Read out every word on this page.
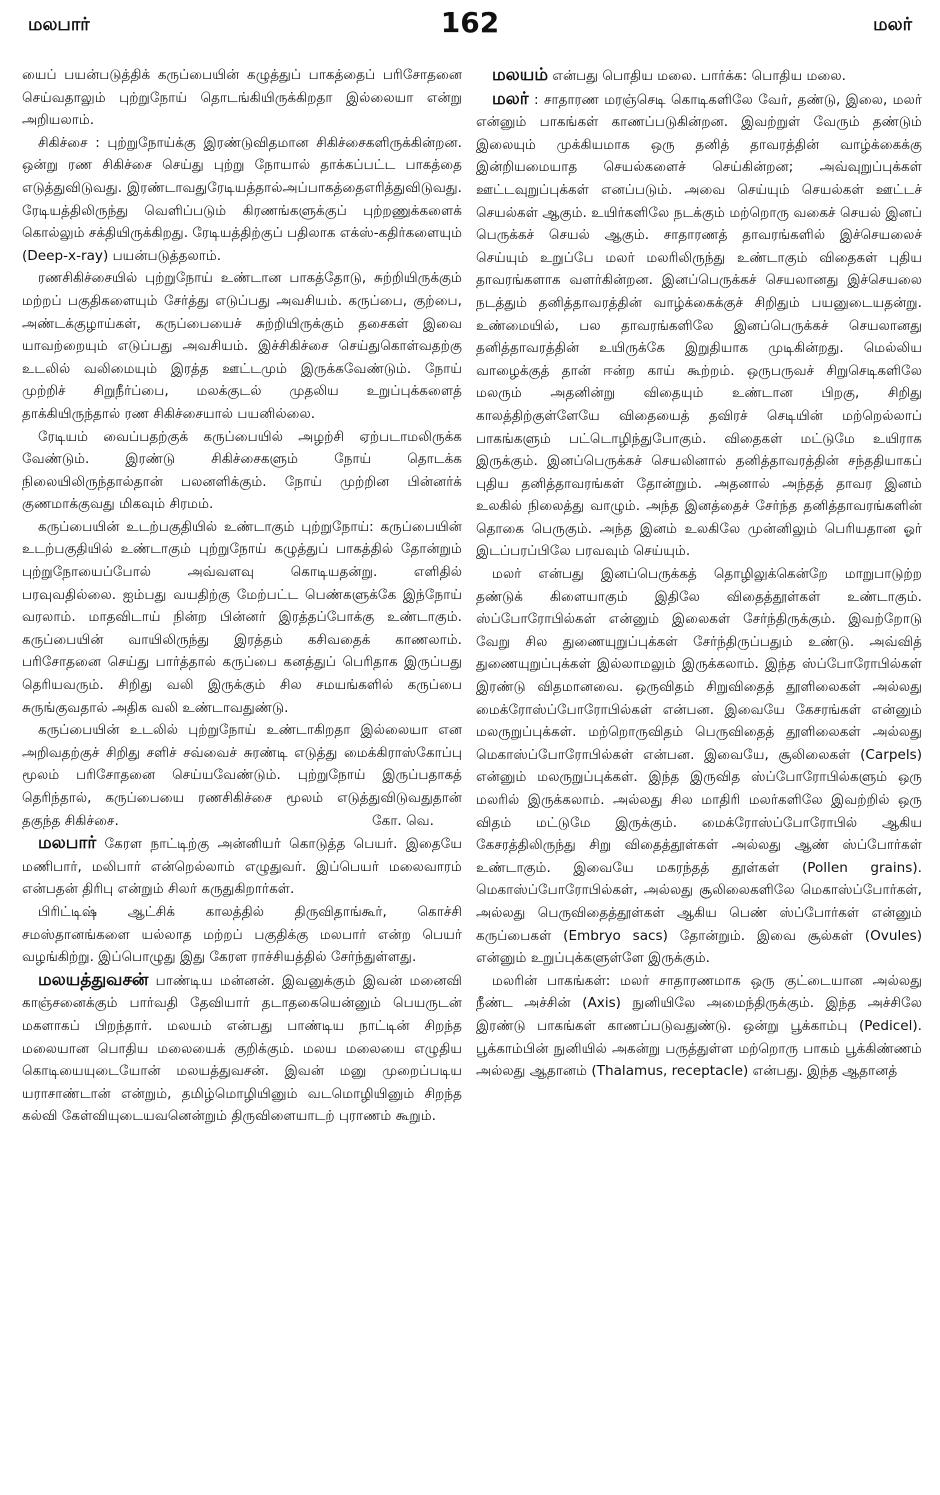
மலபார்	162	மலர்

யைப் பயன்படுத்திக் கருப்பையின் கழுத்துப் பாகத்தைப் பரிசோதனை செய்வதாலும் புற்றுநோய் தொடங்கியிருக்கிறதா இல்லையா என்று அறியலாம்.

சிகிச்சை : புற்றுநோய்க்கு இரண்டுவிதமான சிகிச்சைகளிருக்கின்றன. ஒன்று ரண சிகிச்சை செய்து புற்று நோயால் தாக்கப்பட்ட பாகத்தை எடுத்துவிடுவது. இரண்டாவதுரேடியத்தால்அப்பாகத்தைஎரித்துவிடுவது. ரேடியத்திலிருந்து வெளிப்படும் கிரணங்களுக்குப் புற்றணுக்களைக் கொல்லும் சக்தியிருக்கிறது. ரேடியத்திற்குப் பதிலாக எக்ஸ்-கதிர்களையும் (Deep-x-ray) பயன்படுத்தலாம்.

ரணசிகிச்சையில் புற்றுநோய் உண்டான பாகத்தோடு, சுற்றியிருக்கும் மற்றப் பகுதிகளையும் சேர்த்து எடுப்பது அவசியம். கருப்பை, குற்பை, அண்டக்குழாய்கள், கருப்பையைச் சுற்றியிருக்கும் தசைகள் இவை யாவற்றையும் எடுப்பது அவசியம். இச்சிகிச்சை செய்துகொள்வதற்கு உடலில் வலிமையும் இரத்த ஊட்டமும் இருக்கவேண்டும். நோய் முற்றிச் சிறுநீர்ப்பை, மலக்குடல் முதலிய உறுப்புக்களைத் தாக்கியிருந்தால் ரண சிகிச்சையால் பயனில்லை.

ரேடியம் வைப்பதற்குக் கருப்பையில் அழற்சி ஏற்படாமலிருக்க வேண்டும். இரண்டு சிகிச்சைகளும் நோய் தொடக்க நிலையிலிருந்தால்தான் பலனளிக்கும். நோய் முற்றின பின்னர்க் குணமாக்குவது மிகவும் சிரமம்.

கருப்பையின் உடற்பகுதியில் உண்டாகும் புற்றுநோய்: கருப்பையின் உடற்பகுதியில் உண்டாகும் புற்றுநோய் கழுத்துப் பாகத்தில் தோன்றும் புற்றுநோயைப்போல் அவ்வளவு கொடியதன்று. எளிதில் பரவுவதில்லை. ஐம்பது வயதிற்கு மேற்பட்ட பெண்களுக்கே இந்நோய் வரலாம். மாதவிடாய் நின்ற பின்னர் இரத்தப்போக்கு உண்டாகும். கருப்பையின் வாயிலிருந்து இரத்தம் கசிவதைக் காணலாம். பரிசோதனை செய்து பார்த்தால் கருப்பை கனத்துப் பெரிதாக இருப்பது தெரியவரும். சிறிது வலி இருக்கும் சில சமயங்களில் கருப்பை சுருங்குவதால் அதிக வலி உண்டாவதுண்டு.

கருப்பையின் உடலில் புற்றுநோய் உண்டாகிறதா இல்லையா என அறிவதற்குச் சிறிது சளிச் சவ்வைச் சுரண்டி எடுத்து மைக்கிராஸ்கோப்பு மூலம் பரிசோதனை செய்யவேண்டும். புற்றுநோய் இருப்பதாகத் தெரிந்தால், கருப்பையை ரணசிகிச்சை மூலம் எடுத்துவிடுவதுதான் தகுந்த சிகிச்சை.	கோ. வெ.

மலபார் கேரள நாட்டிற்கு அன்னியர் கொடுத்த பெயர். இதையே மணிபார், மலிபார் என்றெல்லாம் எழுதுவர். இப்பெயர் மலைவாரம் என்பதன் திரிபு என்றும் சிலர் கருதுகிறார்கள்.

பிரிட்டிஷ் ஆட்சிக் காலத்தில் திருவிதாங்கூர், கொச்சி சமஸ்தானங்களை யல்லாத மற்றப் பகுதிக்கு மலபார் என்ற பெயர் வழங்கிற்று. இப்பொழுது இது கேரள ராச்சியத்தில் சேர்ந்துள்ளது.

மலயத்துவசன் பாண்டிய மன்னன். இவனுக்கும் இவன் மனைவி காஞ்சனைக்கும் பார்வதி தேவியார் தடாதகையென்னும் பெயருடன் மகளாகப் பிறந்தார். மலயம் என்பது பாண்டிய நாட்டின் சிறந்த மலையான பொதிய மலையைக் குறிக்கும். மலய மலையை எழுதிய கொடியையுடையோன் மலயத்துவசன். இவன் மனு முறைப்படிய யராசாண்டான் என்றும், தமிழ்மொழியினும் வடமொழியினும் சிறந்த கல்வி கேள்வியுடையவனென்றும் திருவிளையாடற் புராணம் கூறும்.

மலயம் என்பது பொதிய மலை. பார்க்க: பொதிய மலை.

மலர் : சாதாரண மரஞ்செடி கொடிகளிலே வேர், தண்டு, இலை, மலர் என்னும் பாகங்கள் காணப்படுகின்றன. இவற்றுள் வேரும் தண்டும் இலையும் முக்கியமாக ஒரு தனித் தாவரத்தின் வாழ்க்கைக்கு இன்றியமையாத செயல்களைச் செய்கின்றன; அவ்வுறுப்புக்கள் ஊட்டவுறுப்புக்கள் எனப்படும். அவை செய்யும் செயல்கள் ஊட்டச் செயல்கள் ஆகும். உயிர்களிலே நடக்கும் மற்றொரு வகைச் செயல் இனப் பெருக்கச் செயல் ஆகும். சாதாரணத் தாவரங்களில் இச்செயலைச் செய்யும் உறுப்பே மலர் மலரிலிருந்து உண்டாகும் விதைகள் புதிய தாவரங்களாக வளர்கின்றன. இனப்பெருக்கச் செயலானது இச்செயலை நடத்தும் தனித்தாவரத்தின் வாழ்க்கைக்குச் சிறிதும் பயனுடையதன்று. உண்மையில், பல தாவரங்களிலே இனப்பெருக்கச் செயலானது தனித்தாவரத்தின் உயிருக்கே இறுதியாக முடிகின்றது. மெல்லிய வாழைக்குத் தான் ஈன்ற காய் கூற்றம். ஒருபருவச் சிறுசெடிகளிலே மலரும் அதனின்று விதையும் உண்டான பிறகு, சிறிது காலத்திற்குள்ளேயே விதையைத் தவிரச் செடியின் மற்றெல்லாப் பாகங்களும் பட்டொழிந்துபோகும். விதைகள் மட்டுமே உயிராக இருக்கும். இனப்பெருக்கச் செயலினால் தனித்தாவரத்தின் சந்ததியாகப் புதிய தனித்தாவரங்கள் தோன்றும். அதனால் அந்தத் தாவர இனம் உலகில் நிலைத்து வாழும். அந்த இனத்தைச் சேர்ந்த தனித்தாவரங்களின் தொகை பெருகும். அந்த இனம் உலகிலே முன்னிலும் பெரியதான ஓர் இடப்பரப்பிலே பரவவும் செய்யும்.

மலர் என்பது இனப்பெருக்கத் தொழிலுக்கென்றே மாறுபாடுற்ற தண்டுக் கிளையாகும் இதிலே விதைத்தூள்கள் உண்டாகும். ஸ்ப்போரோபில்கள் என்னும் இலைகள் சேர்ந்திருக்கும். இவற்றோடு வேறு சில துணையுறுப்புக்கள் சேர்ந்திருப்பதும் உண்டு. அவ்வித் துணையுறுப்புக்கள் இல்லாமலும் இருக்கலாம். இந்த ஸ்ப்போரோபில்கள் இரண்டு விதமானவை. ஒருவிதம் சிறுவிதைத் தூளிலைகள் அல்லது மைக்ரோஸ்ப்போரோபில்கள் என்பன. இவையே கேசரங்கள் என்னும் மலருறுப்புக்கள். மற்றொருவிதம் பெருவிதைத் தூளிலைகள் அல்லது மெகாஸ்ப்போரோபில்கள் என்பன. இவையே, சூலிலைகள் (Carpels) என்னும் மலருறுப்புக்கள். இந்த இருவித ஸ்ப்போரோபில்களும் ஒரு மலரில் இருக்கலாம். அல்லது சில மாதிரி மலர்களிலே இவற்றில் ஒரு விதம் மட்டுமே இருக்கும். மைக்ரோஸ்ப்போரோபில் ஆகிய கேசரத்திலிருந்து சிறு விதைத்தூள்கள் அல்லது ஆண் ஸ்ப்போர்கள் உண்டாகும். இவையே மகரந்தத் தூள்கள் (Pollen grains). மெகாஸ்ப்போரோபில்கள், அல்லது சூலிலைகளிலே மெகாஸ்ப்போர்கள், அல்லது பெருவிதைத்தூள்கள் ஆகிய பெண் ஸ்ப்போர்கள் என்னும் கருப்பைகள் (Embryo sacs) தோன்றும். இவை சூல்கள் (Ovules) என்னும் உறுப்புக்களுள்ளே இருக்கும்.

மலரின் பாகங்கள்: மலர் சாதாரணமாக ஒரு குட்டையான அல்லது நீண்ட அச்சின் (Axis) நுனியிலே அமைந்திருக்கும். இந்த அச்சிலே இரண்டு பாகங்கள் காணப்படுவதுண்டு. ஒன்று பூக்காம்பு (Pedicel). பூக்காம்பின் நுனியில் அகன்று பருத்துள்ள மற்றொரு பாகம் பூக்கிண்ணம் அல்லது ஆதானம் (Thalamus, receptacle) என்பது. இந்த ஆதானத்
